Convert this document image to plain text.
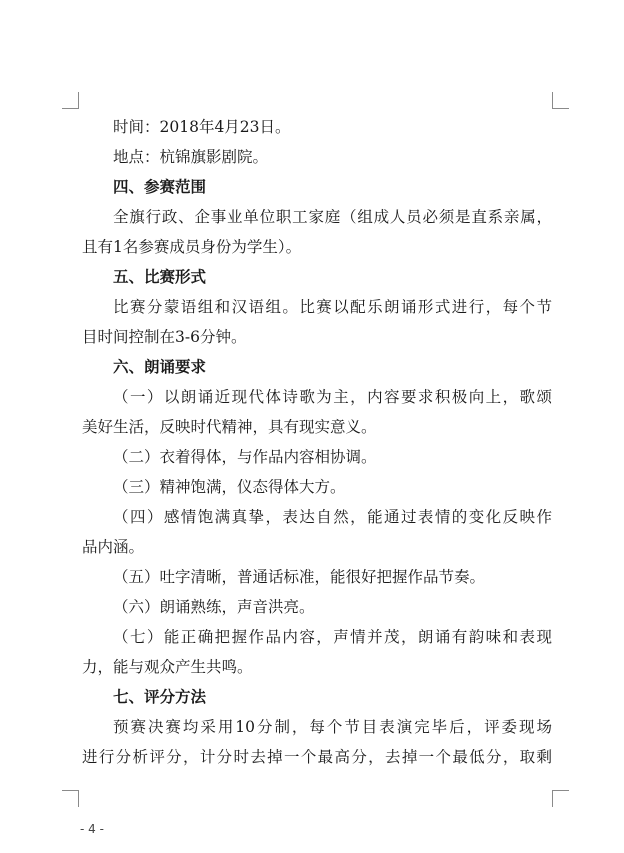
时间：2018年4月23日。
地点：杭锦旗影剧院。
四、参赛范围
全旗行政、企事业单位职工家庭（组成人员必须是直系亲属，
且有1名参赛成员身份为学生）。
五、比赛形式
比赛分蒙语组和汉语组。比赛以配乐朗诵形式进行，每个节
目时间控制在3-6分钟。
六、朗诵要求
（一）以朗诵近现代体诗歌为主，内容要求积极向上，歌颂
美好生活，反映时代精神，具有现实意义。
（二）衣着得体，与作品内容相协调。
（三）精神饱满，仪态得体大方。
（四）感情饱满真挚，表达自然，能通过表情的变化反映作
品内涵。
（五）吐字清晰，普通话标准，能很好把握作品节奏。
（六）朗诵熟练，声音洪亮。
（七）能正确把握作品内容，声情并茂，朗诵有韵味和表现
力，能与观众产生共鸣。
七、评分方法
预赛决赛均采用10分制，每个节目表演完毕后，评委现场
进行分析评分，计分时去掉一个最高分，去掉一个最低分，取剩
- 4 -
